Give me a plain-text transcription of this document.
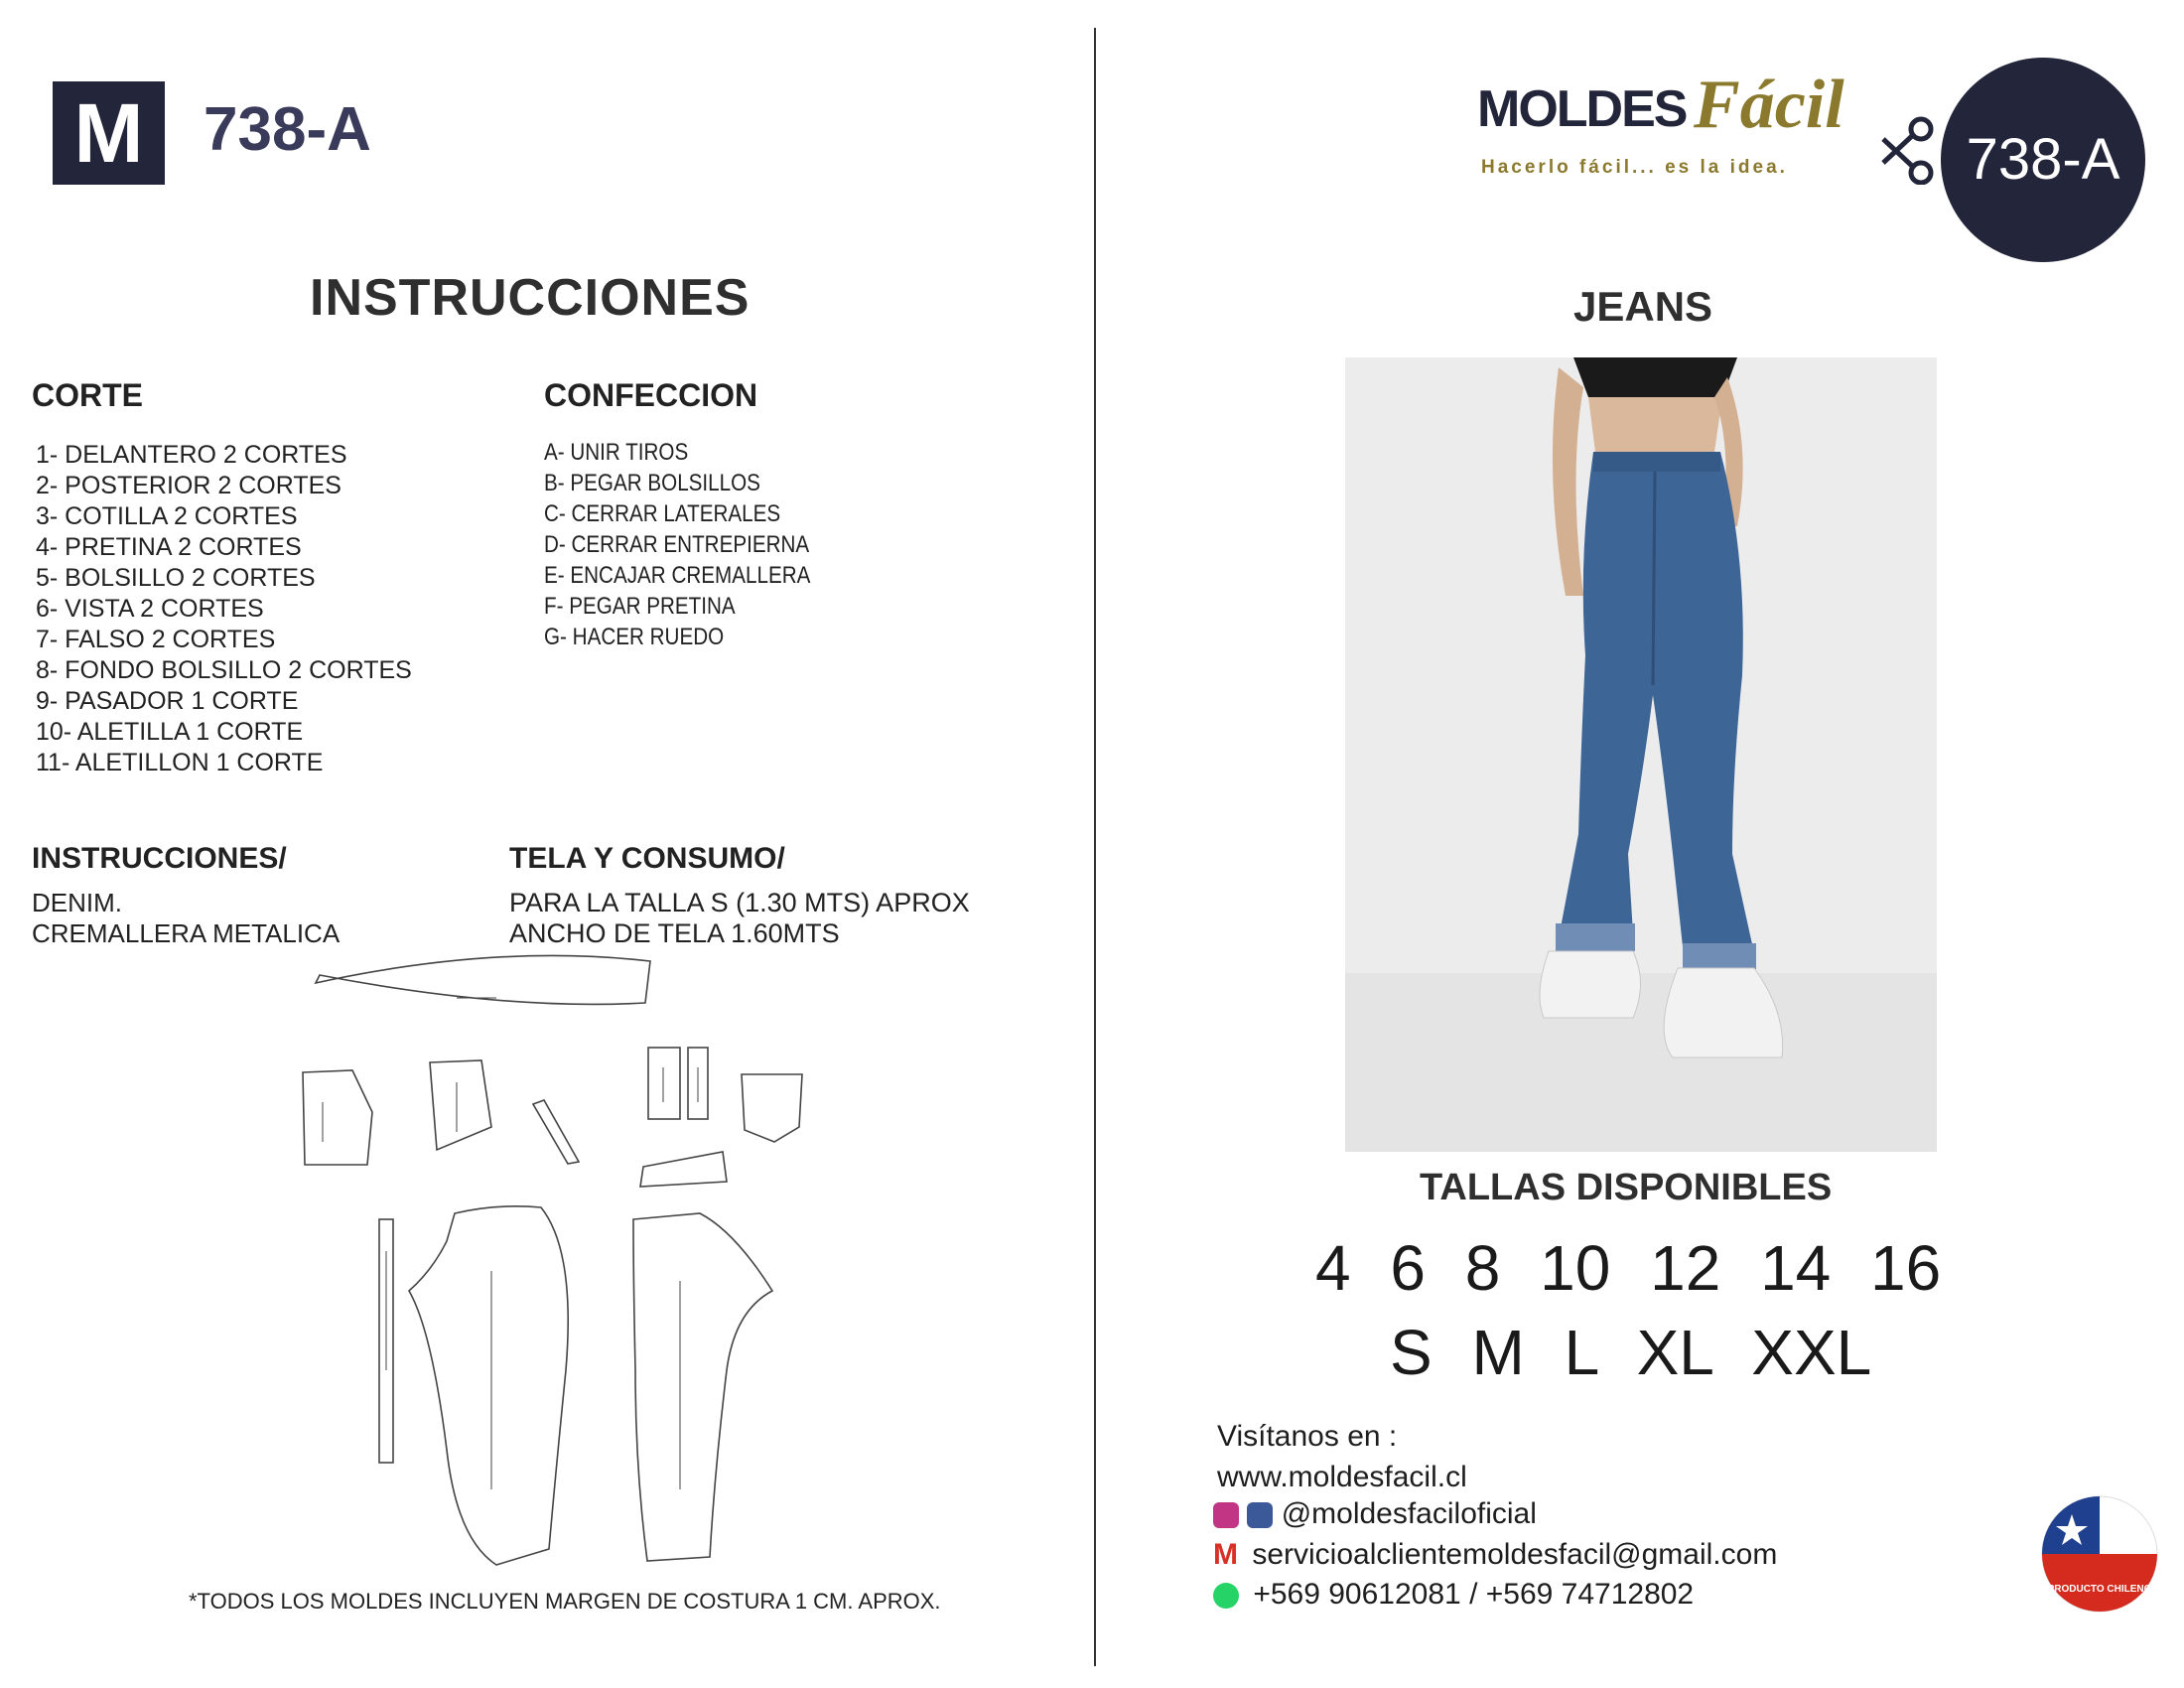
M 738-A
INSTRUCCIONES
CORTE
1- DELANTERO 2 CORTES
2- POSTERIOR 2 CORTES
3- COTILLA 2 CORTES
4- PRETINA 2 CORTES
5- BOLSILLO 2 CORTES
6- VISTA 2 CORTES
7- FALSO 2 CORTES
8- FONDO BOLSILLO 2 CORTES
9- PASADOR 1 CORTE
10- ALETILLA 1 CORTE
11- ALETILLON 1 CORTE
CONFECCION
A- UNIR TIROS
B- PEGAR BOLSILLOS
C- CERRAR LATERALES
D- CERRAR ENTREPIERNA
E- ENCAJAR CREMALLERA
F- PEGAR PRETINA
G- HACER RUEDO
INSTRUCCIONES/
DENIM.
CREMALLERA METALICA
TELA Y CONSUMO/
PARA LA TALLA S (1.30 MTS) APROX
ANCHO DE TELA 1.60MTS
*TODOS LOS MOLDES INCLUYEN MARGEN DE COSTURA 1 CM. APROX.
MOLDES Fácil
Hacerlo fácil... es la idea.	738-A
JEANS
TALLAS DISPONIBLES
4 6 8 10 12 14 16
S M L XL XXL
Visítanos en :
www.moldesfacil.cl
@moldesfaciloficial
M servicioalclientemoldesfacil@gmail.com
+569 90612081 / +569 74712802	PRODUCTO CHILENO
